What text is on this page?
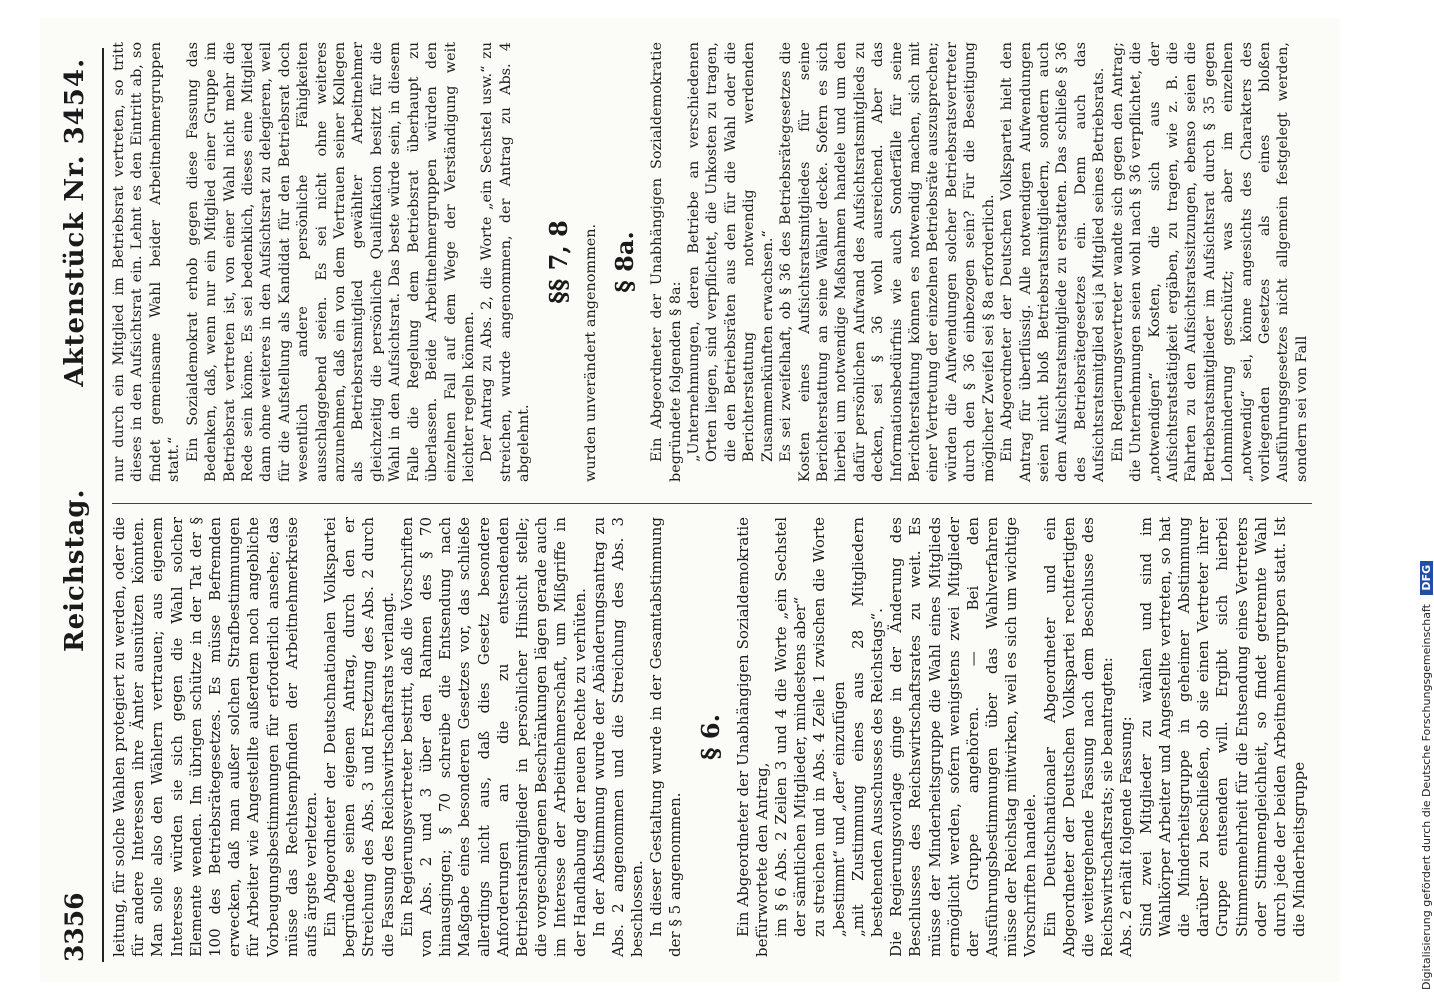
3356
Reichstag.
Aktenstück Nr. 3454.

leitung, für solche Wahlen protegiert zu werden, oder die für andere Interessen ihre Ämter ausnützen könnten. Man solle also den Wählern vertrauen; aus eigenem Interesse würden sie sich gegen die Wahl solcher Elemente wenden. Im übrigen schütze in der Tat der § 100 des Betriebsrätegesetzes. Es müsse Befremden erwecken, daß man außer solchen Strafbestimmungen für Arbeiter wie Angestellte außerdem noch angebliche Vorbeugungsbestimmungen für erforderlich ansehe; das müsse das Rechtsempfinden der Arbeitnehmerkreise aufs ärgste verletzen. Ein Abgeordneter der Deutschnationalen Volkspartei begründete seinen eigenen Antrag, durch den er Streichung des Abs. 3 und Ersetzung des Abs. 2 durch die Fassung des Reichswirtschaftsrats verlangt. Ein Regierungsvertreter bestritt, daß die Vorschriften von Abs. 2 und 3 über den Rahmen des § 70 hinausgingen; § 70 schreibe die Entsendung nach Maßgabe eines besonderen Gesetzes vor, das schließe allerdings nicht aus, daß dies Gesetz besondere Anforderungen an die zu entsendenden Betriebsratsmitglieder in persönlicher Hinsicht stelle; die vorgeschlagenen Beschränkungen lägen gerade auch im Interesse der Arbeitnehmerschaft, um Mißgriffe in der Handhabung der neuen Rechte zu verhüten. In der Abstimmung wurde der Abänderungsantrag zu Abs. 2 angenommen und die Streichung des Abs. 3 beschlossen. In dieser Gestaltung wurde in der Gesamtabstimmung der § 5 angenommen.

§ 6. Ein Abgeordneter der Unabhängigen Sozialdemokratie befürwortete den Antrag, im § 6 Abs. 2 Zeilen 3 und 4 die Worte „ein Sechstel der sämtlichen Mitglieder, mindestens aber“ zu streichen und in Abs. 4 Zeile 1 zwischen die Worte „bestimmt“ und „der“ einzufügen „mit Zustimmung eines aus 28 Mitgliedern bestehenden Ausschusses des Reichstags“. Die Regierungsvorlage ginge in der Änderung des Beschlusses des Reichswirtschaftsrates zu weit. Es müsse der Minderheitsgruppe die Wahl eines Mitglieds ermöglicht werden, sofern wenigstens zwei Mitglieder der Gruppe angehören. — Bei den Ausführungsbestimmungen über das Wahlverfahren müsse der Reichstag mitwirken, weil es sich um wichtige Vorschriften handele. Ein Deutschnationaler Abgeordneter und ein Abgeordneter der Deutschen Volkspartei rechtfertigten die weitergehende Fassung nach dem Beschlusse des Reichswirtschaftsrats; sie beantragten: Abs. 2 erhält folgende Fassung: Sind zwei Mitglieder zu wählen und sind im Wahlkörper Arbeiter und Angestellte vertreten, so hat die Minderheitsgruppe in geheimer Abstimmung darüber zu beschließen, ob sie einen Vertreter ihrer Gruppe entsenden will. Ergibt sich hierbei Stimmenmehrheit für die Entsendung eines Vertreters oder Stimmengleichheit, so findet getrennte Wahl durch jede der beiden Arbeitnehmergruppen statt. Ist die Minderheitsgruppe

nur durch ein Mitglied im Betriebsrat vertreten, so tritt dieses in den Aufsichtsrat ein. Lehnt es den Eintritt ab, so findet gemeinsame Wahl beider Arbeitnehmergruppen statt.“ Ein Sozialdemokrat erhob gegen diese Fassung das Bedenken, daß, wenn nur ein Mitglied einer Gruppe im Betriebsrat vertreten ist, von einer Wahl nicht mehr die Rede sein könne. Es sei bedenklich, dieses eine Mitglied dann ohne weiteres in den Aufsichtsrat zu delegieren, weil für die Aufstellung als Kandidat für den Betriebsrat doch wesentlich andere persönliche Fähigkeiten ausschlaggebend seien. Es sei nicht ohne weiteres anzunehmen, daß ein von dem Vertrauen seiner Kollegen als Betriebsratsmitglied gewählter Arbeitnehmer gleichzeitig die persönliche Qualifikation besitzt für die Wahl in den Aufsichtsrat. Das beste würde sein, in diesem Falle die Regelung dem Betriebsrat überhaupt zu überlassen. Beide Arbeitnehmergruppen würden den einzelnen Fall auf dem Wege der Verständigung weit leichter regeln können. Der Antrag zu Abs. 2, die Worte „ein Sechstel usw.“ zu streichen, wurde angenommen, der Antrag zu Abs. 4 abgelehnt.

§§ 7, 8 wurden unverändert angenommen. § 8a. Ein Abgeordneter der Unabhängigen Sozialdemokratie begründete folgenden § 8a: „Unternehmungen, deren Betriebe an verschiedenen Orten liegen, sind verpflichtet, die Unkosten zu tragen, die den Betriebsräten aus den für die Wahl oder die Berichterstattung notwendig werdenden Zusammenkünften erwachsen.“ Es sei zweifelhaft, ob § 36 des Betriebsrätegesetzes die Kosten eines Aufsichtsratsmitgliedes für seine Berichterstattung an seine Wähler decke. Sofern es sich hierbei um notwendige Maßnahmen handele und um den dafür persönlichen Aufwand des Aufsichtsratsmitglieds zu decken, sei § 36 wohl ausreichend. Aber das Informationsbedürfnis wie auch Sonderfälle für seine Berichterstattung können es notwendig machen, sich mit einer Vertretung der einzelnen Betriebsräte auszusprechen; würden die Aufwendungen solcher Betriebsratsvertreter durch den § 36 einbezogen sein? Für die Beseitigung möglicher Zweifel sei § 8a erforderlich. Ein Abgeordneter der Deutschen Volkspartei hielt den Antrag für überflüssig. Alle notwendigen Aufwendungen seien nicht bloß Betriebsratsmitgliedern, sondern auch dem Aufsichtsratsmitgliede zu erstatten. Das schließe § 36 des Betriebsrätegesetzes ein. Denn auch das Aufsichtsratsmitglied sei ja Mitglied seines Betriebsrats. Ein Regierungsvertreter wandte sich gegen den Antrag; die Unternehmungen seien wohl nach § 36 verpflichtet, die „notwendigen“ Kosten, die sich aus der Aufsichtsratstätigkeit ergäben, zu tragen, wie z. B. die Fahrten zu den Aufsichtsratssitzungen, ebenso seien die Betriebsratsmitglieder im Aufsichtsrat durch § 35 gegen Lohnminderung geschützt; was aber im einzelnen „notwendig“ sei, könne angesichts des Charakters des vorliegenden Gesetzes als eines bloßen Ausführungsgesetzes nicht allgemein festgelegt werden, sondern sei von Fall

Digitalisierung gefördert durch die Deutsche Forschungsgemeinschaft DFG
